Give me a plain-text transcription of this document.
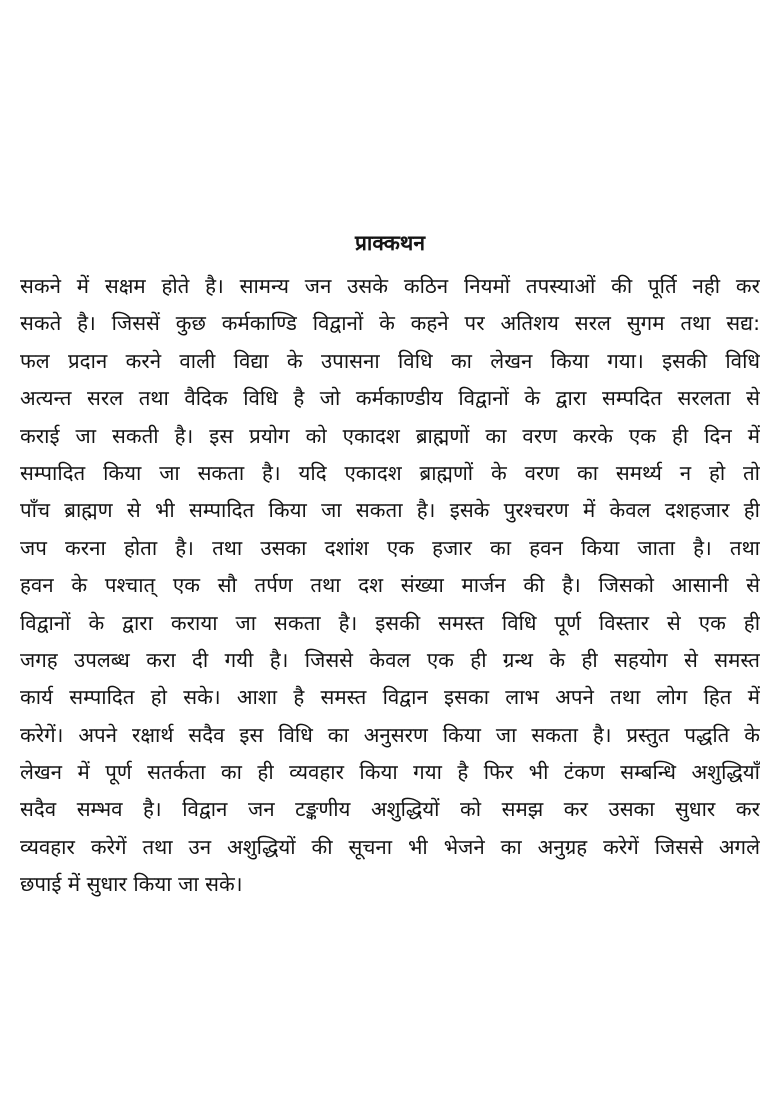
प्राक्कथन
सकने में सक्षम होते है। सामन्य जन उसके कठिन नियमों तपस्याओं की पूर्ति नही कर
सकते है। जिससें कुछ कर्मकाण्डि विद्वानों के कहने पर अतिशय सरल सुगम तथा सद्य:
फल प्रदान करने वाली विद्या के उपासना विधि का लेखन किया गया। इसकी विधि
अत्यन्त सरल तथा वैदिक विधि है जो कर्मकाण्डीय विद्वानों के द्वारा सम्पदित सरलता से
कराई जा सकती है। इस प्रयोग को एकादश ब्राह्मणों का वरण करके एक ही दिन में
सम्पादित किया जा सकता है। यदि एकादश ब्राह्मणों के वरण का समर्थ्य न हो तो
पाँच ब्राह्मण से भी सम्पादित किया जा सकता है। इसके पुरश्चरण में केवल दशहजार ही
जप करना होता है। तथा उसका दशांश एक हजार का हवन किया जाता है। तथा
हवन के पश्चात् एक सौ तर्पण तथा दश संख्या मार्जन की है। जिसको आसानी से
विद्वानों के द्वारा कराया जा सकता है। इसकी समस्त विधि पूर्ण विस्तार से एक ही
जगह उपलब्ध करा दी गयी है। जिससे केवल एक ही ग्रन्थ के ही सहयोग से समस्त
कार्य सम्पादित हो सके। आशा है समस्त विद्वान इसका लाभ अपने तथा लोग हित में
करेगें। अपने रक्षार्थ सदैव इस विधि का अनुसरण किया जा सकता है। प्रस्तुत पद्धति के
लेखन में पूर्ण सतर्कता का ही व्यवहार किया गया है फिर भी टंकण सम्बन्धि अशुद्धियाँ
सदैव सम्भव है। विद्वान जन टङ्कणीय अशुद्धियों को समझ कर उसका सुधार कर
व्यवहार करेगें तथा उन अशुद्धियों की सूचना भी भेजने का अनुग्रह करेगें जिससे अगले
छपाई में सुधार किया जा सके।
